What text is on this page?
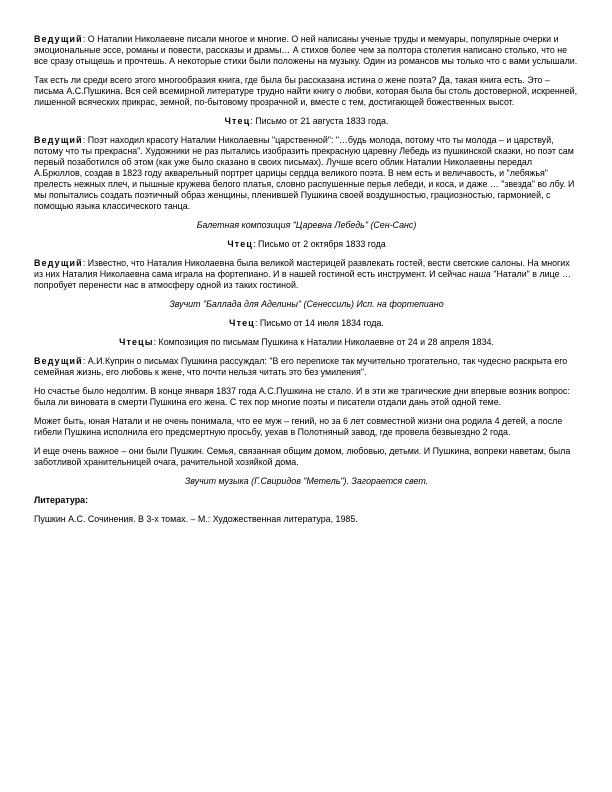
Ведущий: О Наталии Николаевне писали многое и многие. О ней написаны ученые труды и мемуары, популярные очерки и эмоциональные эссе, романы и повести, рассказы и драмы… А стихов более чем за полтора столетия написано столько, что не все сразу отыщешь и прочтешь. А некоторые стихи были положены на музыку. Один из романсов мы только что с вами услышали.

Так есть ли среди всего этого многообразия книга, где была бы рассказана истина о жене поэта? Да, такая книга есть. Это – письма А.С.Пушкина. Вся сей всемирной литературе трудно найти книгу о любви, которая была бы столь достоверной, искренней, лишенной всяческих прикрас, земной, по-бытовому прозрачной и, вместе с тем, достигающей божественных высот.

Чтец: Письмо от 21 августа 1833 года.

Ведущий: Поэт находил красоту Наталии Николаевны "царственной": "…будь молода, потому что ты молода – и царствуй, потому что ты прекрасна". Художники не раз пытались изобразить прекрасную царевну Лебедь из пушкинской сказки, но поэт сам первый позаботился об этом (как уже было сказано в своих письмах). Лучше всего облик Наталии Николаевны передал А.Брюллов, создав в 1823 году акварельный портрет царицы сердца великого поэта. В нем есть и величавость, и "лебяжья" прелесть нежных плеч, и пышные кружева белого платья, словно распушенные перья лебеди, и коса, и даже … "звезда" во лбу. И мы попытались создать поэтичный образ женщины, пленившей Пушкина своей воздушностью, грациозностью, гармонией, с помощью языка классического танца.

Балетная композиция "Царевна Лебедь" (Сен-Санс)

Чтец: Письмо от 2 октября 1833 года

Ведущий: Известно, что Наталия Николаевна была великой мастерицей развлекать гостей, вести светские салоны. На многих из них Наталия Николаевна сама играла на фортепиано. И в нашей гостиной есть инструмент. И сейчас наша "Натали" в лице … попробует перенести нас в атмосферу одной из таких гостиной.

Звучит "Баллада для Аделины" (Сенессиль) Исп. на фортепиано

Чтец: Письмо от 14 июля 1834 года.

Чтецы: Композиция по письмам Пушкина к Наталии Николаевне от 24 и 28 апреля 1834.

Ведущий: А.И.Куприн о письмах Пушкина рассуждал: "В его переписке так мучительно трогательно, так чудесно раскрыта его семейная жизнь, его любовь к жене, что почти нельзя читать это без умиления".

Но счастье было недолгим. В конце января 1837 года А.С.Пушкина не стало. И в эти же трагические дни впервые возник вопрос: была ли виновата в смерти Пушкина его жена. С тех пор многие поэты и писатели отдали дань этой одной теме.

Может быть, юная Натали и не очень понимала, что ее муж – гений, но за 6 лет совместной жизни она родила 4 детей, а после гибели Пушкина исполнила его предсмертную просьбу, уехав в Полотняный завод, где провела безвыездно 2 года.

И еще очень важное – они были Пушкин. Семья, связанная общим домом, любовью, детьми. И Пушкина, вопреки наветам, была заботливой хранительницей очага, рачительной хозяйкой дома.

Звучит музыка (Г.Свиридов "Метель"). Загорается свет.

Литература:

Пушкин А.С. Сочинения. В 3-х томах. – М.: Художественная литература, 1985.
